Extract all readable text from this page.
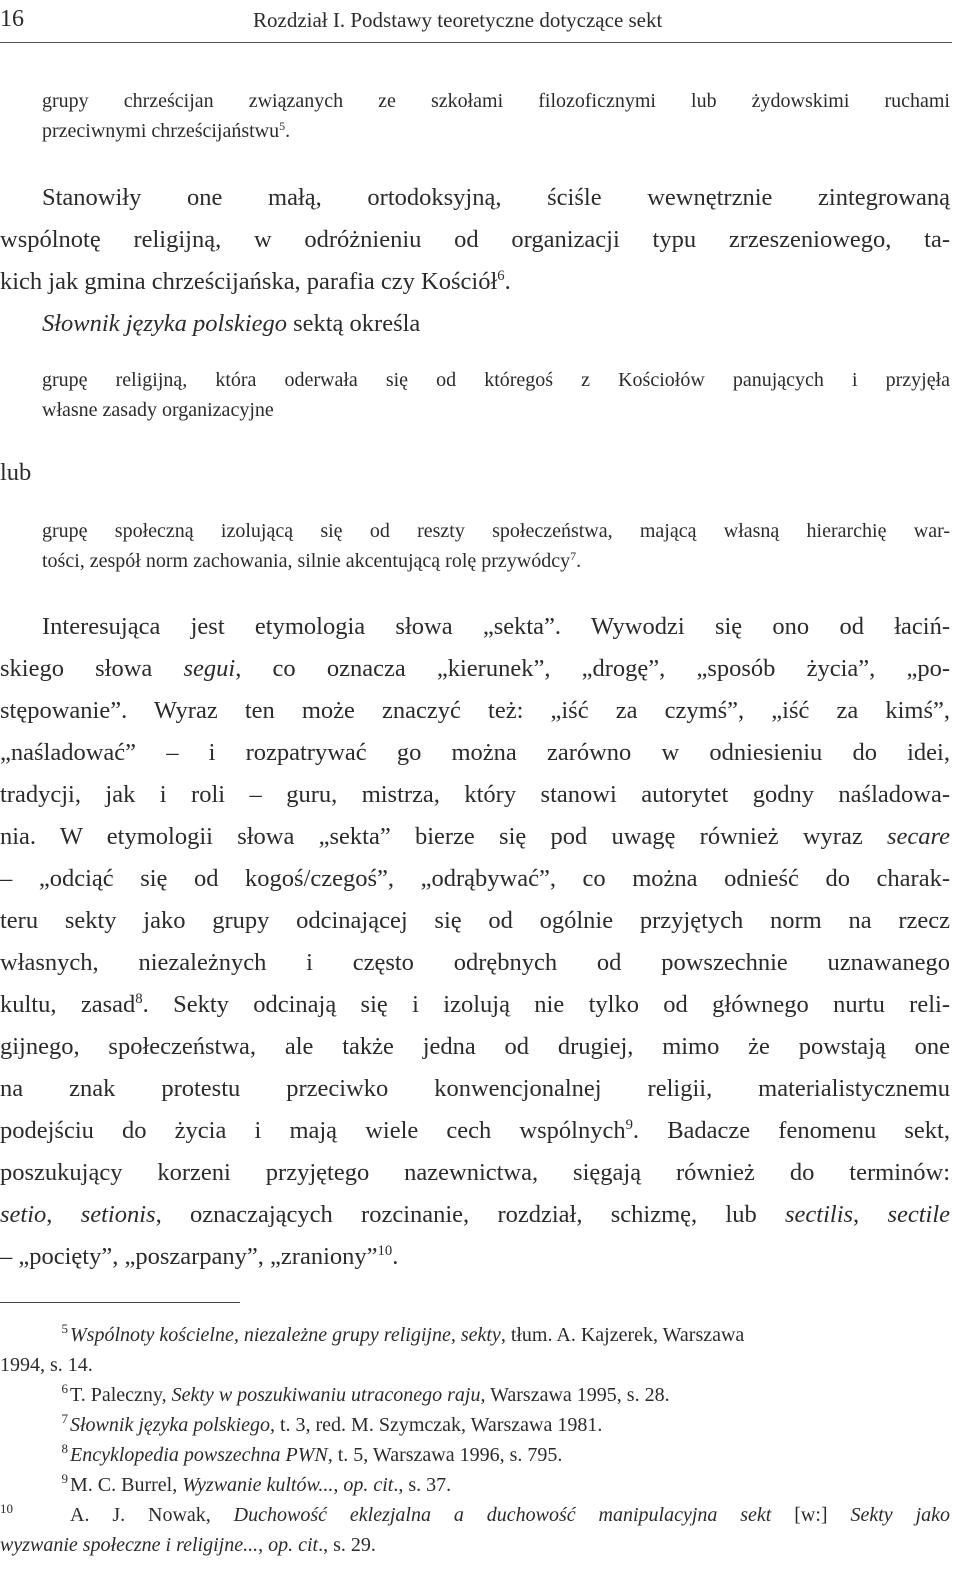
16	Rozdział I. Podstawy teoretyczne dotyczące sekt
grupy chrześcijan związanych ze szkołami filozoficznymi lub żydowskimi ruchami
przeciwnymi chrześcijaństwu$^5$.
Stanowiły one małą, ortodoksyjną, ściśle wewnętrznie zintegrowaną
wspólnotę religijną, w odróżnieniu od organizacji typu zrzeszeniowego, ta-
kich jak gmina chrześcijańska, parafia czy Kościół$^6$.
Słownik języka polskiego sektą określa
grupę religijną, która oderwała się od któregoś z Kościołów panujących i przyjęła
własne zasady organizacyjne
lub
grupę społeczną izolującą się od reszty społeczeństwa, mającą własną hierarchię war-
tości, zespół norm zachowania, silnie akcentującą rolę przywódcy$^7$.
Interesująca jest etymologia słowa „sekta”. Wywodzi się ono od łaciń-
skiego słowa segui, co oznacza „kierunek”, „drogę”, „sposób życia”, „po-
stępowanie”. Wyraz ten może znaczyć też: „iść za czymś”, „iść za kimś”,
„naśladować” – i rozpatrywać go można zarówno w odniesieniu do idei,
tradycji, jak i roli – guru, mistrza, który stanowi autorytet godny naśladowa-
nia. W etymologii słowa „sekta” bierze się pod uwagę również wyraz secare
– „odciąć się od kogoś/czegoś”, „odrąbywać”, co można odnieść do charak-
teru sekty jako grupy odcinającej się od ogólnie przyjętych norm na rzecz
własnych, niezależnych i często odrębnych od powszechnie uznawanego
kultu, zasad$^8$. Sekty odcinają się i izolują nie tylko od głównego nurtu reli-
gijnego, społeczeństwa, ale także jedna od drugiej, mimo że powstają one
na znak protestu przeciwko konwencjonalnej religii, materialistycznemu
podejściu do życia i mają wiele cech wspólnych$^9$. Badacze fenomenu sekt,
poszukujący korzeni przyjętego nazewnictwa, sięgają również do terminów:
setio, setionis, oznaczających rozcinanie, rozdział, schizmę, lub sectilis, sectile
– „pocięty”, „poszarpany”, „zraniony”$^{10}$.
$^5$ Wspólnoty kościelne, niezależne grupy religijne, sekty, tłum. A. Kajzerek, Warszawa
1994, s. 14.
$^6$ T. Paleczny, Sekty w poszukiwaniu utraconego raju, Warszawa 1995, s. 28.
$^7$ Słownik języka polskiego, t. 3, red. M. Szymczak, Warszawa 1981.
$^8$ Encyklopedia powszechna PWN, t. 5, Warszawa 1996, s. 795.
$^9$ M. C. Burrel, Wyzwanie kultów..., op. cit., s. 37.
$^{10}$	A. J. Nowak, Duchowość eklezjalna a duchowość manipulacyjna sekt [w:] Sekty jako
wyzwanie społeczne i religijne..., op. cit., s. 29.
